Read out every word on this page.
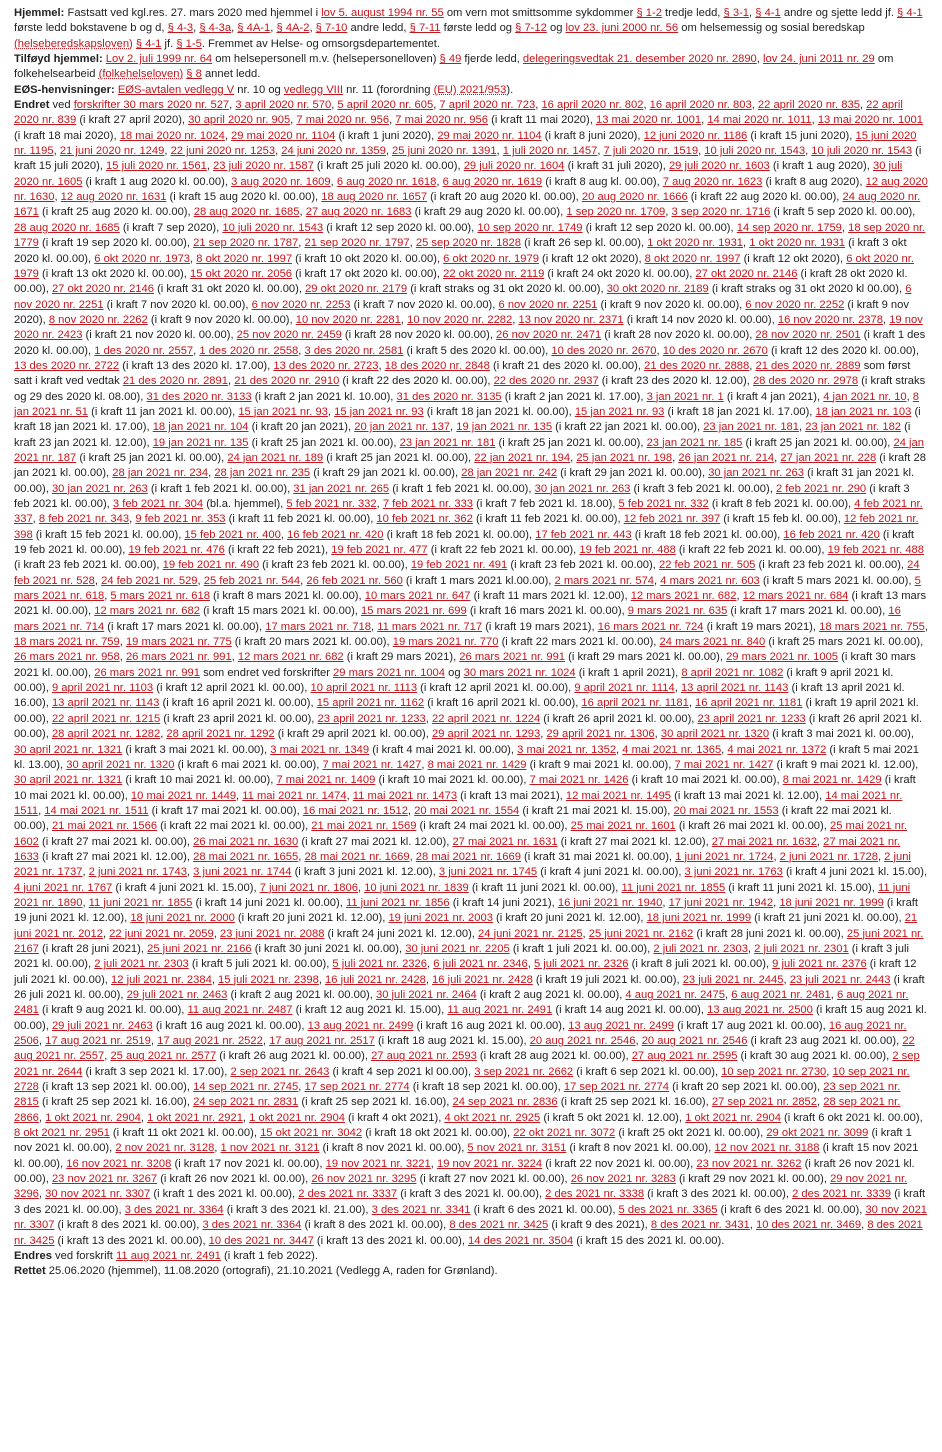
Hjemmel: Fastsatt ved kgl.res. 27. mars 2020 med hjemmel i lov 5. august 1994 nr. 55 om vern mot smittsomme sykdommer § 1-2 tredje ledd, § 3-1, § 4-1 andre og sjette ledd jf. § 4-1 første ledd bokstavene b og d, § 4-3, § 4-3a, § 4A-1, § 4A-2, § 7-10 andre ledd, § 7-11 første ledd og § 7-12 og lov 23. juni 2000 nr. 56 om helsemessig og sosial beredskap (helseberedskapsloven) § 4-1 jf. § 1-5. Fremmet av Helse- og omsorgsdepartementet.
Tilføyd hjemmel: Lov 2. juli 1999 nr. 64 om helsepersonell m.v. (helsepersonelloven) § 49 fjerde ledd, delegeringsvedtak 21. desember 2020 nr. 2890, lov 24. juni 2011 nr. 29 om folkehelsearbeid (folkehelseloven) § 8 annet ledd.
EØS-henvisninger: EØS-avtalen vedlegg V nr. 10 og vedlegg VIII nr. 11 (forordning (EU) 2021/953).
Endret ved forskrifter 30 mars 2020 nr. 527, 3 april 2020 nr. 570, 5 april 2020 nr. 605, 7 april 2020 nr. 723, 16 april 2020 nr. 802, 16 april 2020 nr. 803, 22 april 2020 nr. 835, 22 april 2020 nr. 839 (i kraft 27 april 2020), 30 april 2020 nr. 905, 7 mai 2020 nr. 956, 7 mai 2020 nr. 956 (i kraft 11 mai 2020), 13 mai 2020 nr. 1001, 14 mai 2020 nr. 1011, 13 mai 2020 nr. 1001 (i kraft 18 mai 2020), 18 mai 2020 nr. 1024, 29 mai 2020 nr. 1104 (i kraft 1 juni 2020), 29 mai 2020 nr. 1104 (i kraft 8 juni 2020), 12 juni 2020 nr. 1186 (i kraft 15 juni 2020), 15 juni 2020 nr. 1195, 21 juni 2020 nr. 1249, 22 juni 2020 nr. 1253, 24 juni 2020 nr. 1359, 25 juni 2020 nr. 1391, 1 juli 2020 nr. 1457, 7 juli 2020 nr. 1519, 10 juli 2020 nr. 1543, 10 juli 2020 nr. 1543 (i kraft 15 juli 2020), 15 juli 2020 nr. 1561, 23 juli 2020 nr. 1587 (i kraft 25 juli 2020 kl. 00.00), 29 juli 2020 nr. 1604 (i kraft 31 juli 2020), 29 juli 2020 nr. 1603 (i kraft 1 aug 2020), 30 juli 2020 nr. 1605 (i kraft 1 aug 2020 kl. 00.00), 3 aug 2020 nr. 1609, 6 aug 2020 nr. 1618, 6 aug 2020 nr. 1619 (i kraft 8 aug kl. 00.00), 7 aug 2020 nr. 1623 (i kraft 8 aug 2020), 12 aug 2020 nr. 1630, 12 aug 2020 nr. 1631 (i kraft 15 aug 2020 kl. 00.00), 18 aug 2020 nr. 1657 (i kraft 20 aug 2020 kl. 00.00), 20 aug 2020 nr. 1666 (i kraft 22 aug 2020 kl. 00.00), 24 aug 2020 nr. 1671 (i kraft 25 aug 2020 kl. 00.00), 28 aug 2020 nr. 1685, 27 aug 2020 nr. 1683 (i kraft 29 aug 2020 kl. 00.00), 1 sep 2020 nr. 1709, 3 sep 2020 nr. 1716 (i kraft 5 sep 2020 kl. 00.00), 28 aug 2020 nr. 1685 (i kraft 7 sep 2020), 10 juli 2020 nr. 1543 (i kraft 12 sep 2020 kl. 00.00), 10 sep 2020 nr. 1749 (i kraft 12 sep 2020 kl. 00.00), 14 sep 2020 nr. 1759, 18 sep 2020 nr. 1779 (i kraft 19 sep 2020 kl. 00.00), 21 sep 2020 nr. 1787, 21 sep 2020 nr. 1797, 25 sep 2020 nr. 1828 (i kraft 26 sep kl. 00.00), 1 okt 2020 nr. 1931, 1 okt 2020 nr. 1931 (i kraft 3 okt 2020 kl. 00.00), 6 okt 2020 nr. 1973, 8 okt 2020 nr. 1997 (i kraft 10 okt 2020 kl. 00.00), 6 okt 2020 nr. 1979 (i kraft 12 okt 2020), 8 okt 2020 nr. 1997 (i kraft 12 okt 2020), 6 okt 2020 nr. 1979 (i kraft 13 okt 2020 kl. 00.00), 15 okt 2020 nr. 2056 (i kraft 17 okt 2020 kl. 00.00), 22 okt 2020 nr. 2119 (i kraft 24 okt 2020 kl. 00.00), 27 okt 2020 nr. 2146 (i kraft 28 okt 2020 kl. 00.00), 27 okt 2020 nr. 2146 (i kraft 31 okt 2020 kl. 00.00), 29 okt 2020 nr. 2179 (i kraft straks og 31 okt 2020 kl. 00.00), 30 okt 2020 nr. 2189 (i kraft straks og 31 okt 2020 kl 00.00), 6 nov 2020 nr. 2251 (i kraft 7 nov 2020 kl. 00.00), 6 nov 2020 nr. 2253 (i kraft 7 nov 2020 kl. 00.00), 6 nov 2020 nr. 2251 (i kraft 9 nov 2020 kl. 00.00), 6 nov 2020 nr. 2252 (i kraft 9 nov 2020), 8 nov 2020 nr. 2262 (i kraft 9 nov 2020 kl. 00.00), 10 nov 2020 nr. 2281, 10 nov 2020 nr. 2282, 13 nov 2020 nr. 2371 (i kraft 14 nov 2020 kl. 00.00), 16 nov 2020 nr. 2378, 19 nov 2020 nr. 2423 (i kraft 21 nov 2020 kl. 00.00), 25 nov 2020 nr. 2459 (i kraft 28 nov 2020 kl. 00.00), 26 nov 2020 nr. 2471 (i kraft 28 nov 2020 kl. 00.00), 28 nov 2020 nr. 2501 (i kraft 1 des 2020 kl. 00.00), 1 des 2020 nr. 2557, 1 des 2020 nr. 2558, 3 des 2020 nr. 2581 (i kraft 5 des 2020 kl. 00.00), 10 des 2020 nr. 2670, 10 des 2020 nr. 2670 (i kraft 12 des 2020 kl. 00.00), 13 des 2020 nr. 2722 (i kraft 13 des 2020 kl. 17.00), 13 des 2020 nr. 2723, 18 des 2020 nr. 2848 (i kraft 21 des 2020 kl. 00.00), 21 des 2020 nr. 2888, 21 des 2020 nr. 2889 som først satt i kraft ved vedtak 21 des 2020 nr. 2891, 21 des 2020 nr. 2910 (i kraft 22 des 2020 kl. 00.00), 22 des 2020 nr. 2937 (i kraft 23 des 2020 kl. 12.00), 28 des 2020 nr. 2978 (i kraft straks og 29 des 2020 kl. 08.00), 31 des 2020 nr. 3133 (i kraft 2 jan 2021 kl. 10.00), 31 des 2020 nr. 3135 (i kraft 2 jan 2021 kl. 17.00), 3 jan 2021 nr. 1 (i kraft 4 jan 2021), 4 jan 2021 nr. 10, 8 jan 2021 nr. 51 (i kraft 11 jan 2021 kl. 00.00), 15 jan 2021 nr. 93, 15 jan 2021 nr. 93 (i kraft 18 jan 2021 kl. 00.00), 15 jan 2021 nr. 93 (i kraft 18 jan 2021 kl. 17.00), 18 jan 2021 nr. 103 (i kraft 18 jan 2021 kl. 17.00), 18 jan 2021 nr. 104 (i kraft 20 jan 2021), 20 jan 2021 nr. 137, 19 jan 2021 nr. 135 (i kraft 22 jan 2021 kl. 00.00), 23 jan 2021 nr. 181, 23 jan 2021 nr. 182 (i kraft 23 jan 2021 kl. 12.00), 19 jan 2021 nr. 135 (i kraft 25 jan 2021 kl. 00.00), 23 jan 2021 nr. 181 (i kraft 25 jan 2021 kl. 00.00), 23 jan 2021 nr. 185 (i kraft 25 jan 2021 kl. 00.00), 24 jan 2021 nr. 187 (i kraft 25 jan 2021 kl. 00.00), 24 jan 2021 nr. 189 (i kraft 25 jan 2021 kl. 00.00), 22 jan 2021 nr. 194, 25 jan 2021 nr. 198, 26 jan 2021 nr. 214, 27 jan 2021 nr. 228 (i kraft 28 jan 2021 kl. 00.00), 28 jan 2021 nr. 234, 28 jan 2021 nr. 235 (i kraft 29 jan 2021 kl. 00.00), 28 jan 2021 nr. 242 (i kraft 29 jan 2021 kl. 00.00), 30 jan 2021 nr. 263 (i kraft 31 jan 2021 kl. 00.00), 30 jan 2021 nr. 263 (i kraft 1 feb 2021 kl. 00.00), 31 jan 2021 nr. 265 (i kraft 1 feb 2021 kl. 00.00), 30 jan 2021 nr. 263 (i kraft 3 feb 2021 kl. 00.00), 2 feb 2021 nr. 290 (i kraft 3 feb 2021 kl. 00.00), 3 feb 2021 nr. 304 (bl.a. hjemmel), 5 feb 2021 nr. 332, 7 feb 2021 nr. 333 (i kraft 7 feb 2021 kl. 18.00), 5 feb 2021 nr. 332 (i kraft 8 feb 2021 kl. 00.00), 4 feb 2021 nr. 337, 8 feb 2021 nr. 343, 9 feb 2021 nr. 353 (i kraft 11 feb 2021 kl. 00.00), 10 feb 2021 nr. 362 (i kraft 11 feb 2021 kl. 00.00), 12 feb 2021 nr. 397 (i kraft 15 feb kl. 00.00), 12 feb 2021 nr. 398 (i kraft 15 feb 2021 kl. 00.00), 15 feb 2021 nr. 400, 16 feb 2021 nr. 420 (i kraft 18 feb 2021 kl. 00.00), 17 feb 2021 nr. 443 (i kraft 18 feb 2021 kl. 00.00), 16 feb 2021 nr. 420 (i kraft 19 feb 2021 kl. 00.00), 19 feb 2021 nr. 476 (i kraft 22 feb 2021), 19 feb 2021 nr. 477 (i kraft 22 feb 2021 kl. 00.00), 19 feb 2021 nr. 488 (i kraft 22 feb 2021 kl. 00.00), 19 feb 2021 nr. 488 (i kraft 23 feb 2021 kl. 00.00), 19 feb 2021 nr. 490 (i kraft 23 feb 2021 kl. 00.00), 19 feb 2021 nr. 491 (i kraft 23 feb 2021 kl. 00.00), 22 feb 2021 nr. 505 (i kraft 23 feb 2021 kl. 00.00), 24 feb 2021 nr. 528, 24 feb 2021 nr. 529, 25 feb 2021 nr. 544, 26 feb 2021 nr. 560 (i kraft 1 mars 2021 kl.00.00), 2 mars 2021 nr. 574, 4 mars 2021 nr. 603 (i kraft 5 mars 2021 kl. 00.00), 5 mars 2021 nr. 618, 5 mars 2021 nr. 618 (i kraft 8 mars 2021 kl. 00.00), 10 mars 2021 nr. 647 (i kraft 11 mars 2021 kl. 12.00), 12 mars 2021 nr. 682, 12 mars 2021 nr. 684 (i kraft 13 mars 2021 kl. 00.00), 12 mars 2021 nr. 682 (i kraft 15 mars 2021 kl. 00.00), 15 mars 2021 nr. 699 (i kraft 16 mars 2021 kl. 00.00), 9 mars 2021 nr. 635 (i kraft 17 mars 2021 kl. 00.00), 16 mars 2021 nr. 714 (i kraft 17 mars 2021 kl. 00.00), 17 mars 2021 nr. 718, 11 mars 2021 nr. 717 (i kraft 19 mars 2021), 16 mars 2021 nr. 724 (i kraft 19 mars 2021), 18 mars 2021 nr. 755, 18 mars 2021 nr. 759, 19 mars 2021 nr. 775 (i kraft 20 mars 2021 kl. 00.00), 19 mars 2021 nr. 770 (i kraft 22 mars 2021 kl. 00.00), 24 mars 2021 nr. 840 (i kraft 25 mars 2021 kl. 00.00), 26 mars 2021 nr. 958, 26 mars 2021 nr. 991, 12 mars 2021 nr. 682 (i kraft 29 mars 2021), 26 mars 2021 nr. 991 (i kraft 29 mars 2021 kl. 00.00), 29 mars 2021 nr. 1005 (i kraft 30 mars 2021 kl. 00.00), 26 mars 2021 nr. 991 som endret ved forskrifter 29 mars 2021 nr. 1004 og 30 mars 2021 nr. 1024 (i kraft 1 april 2021), 8 april 2021 nr. 1082 (i kraft 9 april 2021 kl. 00.00), 9 april 2021 nr. 1103 (i kraft 12 april 2021 kl. 00.00), 10 april 2021 nr. 1113 (i kraft 12 april 2021 kl. 00.00), 9 april 2021 nr. 1114, 13 april 2021 nr. 1143 (i kraft 13 april 2021 kl. 16.00), 13 april 2021 nr. 1143 (i kraft 16 april 2021 kl. 00.00), 15 april 2021 nr. 1162 (i kraft 16 april 2021 kl. 00.00), 16 april 2021 nr. 1181, 16 april 2021 nr. 1181 (i kraft 19 april 2021 kl. 00.00), 22 april 2021 nr. 1215 (i kraft 23 april 2021 kl. 00.00), 23 april 2021 nr. 1233, 22 april 2021 nr. 1224 (i kraft 26 april 2021 kl. 00.00), 23 april 2021 nr. 1233 (i kraft 26 april 2021 kl. 00.00), 28 april 2021 nr. 1282, 28 april 2021 nr. 1292 (i kraft 29 april 2021 kl. 00.00), 29 april 2021 nr. 1293, 29 april 2021 nr. 1306, 30 april 2021 nr. 1320 (i kraft 3 mai 2021 kl. 00.00), 30 april 2021 nr. 1321 (i kraft 3 mai 2021 kl. 00.00), 3 mai 2021 nr. 1349 (i kraft 4 mai 2021 kl. 00.00), 3 mai 2021 nr. 1352, 4 mai 2021 nr. 1365, 4 mai 2021 nr. 1372 (i kraft 5 mai 2021 kl. 13.00), 30 april 2021 nr. 1320 (i kraft 6 mai 2021 kl. 00.00), 7 mai 2021 nr. 1427, 8 mai 2021 nr. 1429 (i kraft 9 mai 2021 kl. 00.00), 7 mai 2021 nr. 1427 (i kraft 9 mai 2021 kl. 12.00), 30 april 2021 nr. 1321 (i kraft 10 mai 2021 kl. 00.00), 7 mai 2021 nr. 1409 (i kraft 10 mai 2021 kl. 00.00), 7 mai 2021 nr. 1426 (i kraft 10 mai 2021 kl. 00.00), 8 mai 2021 nr. 1429 (i kraft 10 mai 2021 kl. 00.00), 10 mai 2021 nr. 1449, 11 mai 2021 nr. 1474, 11 mai 2021 nr. 1473 (i kraft 13 mai 2021), 12 mai 2021 nr. 1495 (i kraft 13 mai 2021 kl. 12.00), 14 mai 2021 nr. 1511, 14 mai 2021 nr. 1511 (i kraft 17 mai 2021 kl. 00.00), 16 mai 2021 nr. 1512, 20 mai 2021 nr. 1554 (i kraft 21 mai 2021 kl. 15.00), 20 mai 2021 nr. 1553 (i kraft 22 mai 2021 kl. 00.00), 21 mai 2021 nr. 1566 (i kraft 22 mai 2021 kl. 00.00), 21 mai 2021 nr. 1569 (i kraft 24 mai 2021 kl. 00.00), 25 mai 2021 nr. 1601 (i kraft 26 mai 2021 kl. 00.00), 25 mai 2021 nr. 1602 (i kraft 27 mai 2021 kl. 00.00), 26 mai 2021 nr. 1630 (i kraft 27 mai 2021 kl. 12.00), 27 mai 2021 nr. 1631 (i kraft 27 mai 2021 kl. 12.00), 27 mai 2021 nr. 1632, 27 mai 2021 nr. 1633 (i kraft 27 mai 2021 kl. 12.00), 28 mai 2021 nr. 1655, 28 mai 2021 nr. 1669, 28 mai 2021 nr. 1669 (i kraft 31 mai 2021 kl. 00.00), 1 juni 2021 nr. 1724, 2 juni 2021 nr. 1728, 2 juni 2021 nr. 1737, 2 juni 2021 nr. 1743, 3 juni 2021 nr. 1744 (i kraft 3 juni 2021 kl. 12.00), 3 juni 2021 nr. 1745 (i kraft 4 juni 2021 kl. 00.00), 3 juni 2021 nr. 1763 (i kraft 4 juni 2021 kl. 15.00), 4 juni 2021 nr. 1767 (i kraft 4 juni 2021 kl. 15.00), 7 juni 2021 nr. 1806, 10 juni 2021 nr. 1839 (i kraft 11 juni 2021 kl. 00.00), 11 juni 2021 nr. 1855 (i kraft 11 juni 2021 kl. 15.00), 11 juni 2021 nr. 1890, 11 juni 2021 nr. 1855 (i kraft 14 juni 2021 kl. 00.00), 11 juni 2021 nr. 1856 (i kraft 14 juni 2021), 16 juni 2021 nr. 1940, 17 juni 2021 nr. 1942, 18 juni 2021 nr. 1999 (i kraft 19 juni 2021 kl. 12.00), 18 juni 2021 nr. 2000 (i kraft 20 juni 2021 kl. 12.00), 19 juni 2021 nr. 2003 (i kraft 20 juni 2021 kl. 12.00), 18 juni 2021 nr. 1999 (i kraft 21 juni 2021 kl. 00.00), 21 juni 2021 nr. 2012, 22 juni 2021 nr. 2059, 23 juni 2021 nr. 2088 (i kraft 24 juni 2021 kl. 12.00), 24 juni 2021 nr. 2125, 25 juni 2021 nr. 2162 (i kraft 28 juni 2021 kl. 00.00), 25 juni 2021 nr. 2167 (i kraft 28 juni 2021), 25 juni 2021 nr. 2166 (i kraft 30 juni 2021 kl. 00.00), 30 juni 2021 nr. 2205 (i kraft 1 juli 2021 kl. 00.00), 2 juli 2021 nr. 2303, 2 juli 2021 nr. 2301 (i kraft 3 juli 2021 kl. 00.00), 2 juli 2021 nr. 2303 (i kraft 5 juli 2021 kl. 00.00), 5 juli 2021 nr. 2326, 6 juli 2021 nr. 2346, 5 juli 2021 nr. 2326 (i kraft 8 juli 2021 kl. 00.00), 9 juli 2021 nr. 2376 (i kraft 12 juli 2021 kl. 00.00), 12 juli 2021 nr. 2384, 15 juli 2021 nr. 2398, 16 juli 2021 nr. 2428, 16 juli 2021 nr. 2428 (i kraft 19 juli 2021 kl. 00.00), 23 juli 2021 nr. 2445, 23 juli 2021 nr. 2443 (i kraft 26 juli 2021 kl. 00.00), 29 juli 2021 nr. 2463 (i kraft 2 aug 2021 kl. 00.00), 30 juli 2021 nr. 2464 (i kraft 2 aug 2021 kl. 00.00), 4 aug 2021 nr. 2475, 6 aug 2021 nr. 2481, 6 aug 2021 nr. 2481 (i kraft 9 aug 2021 kl. 00.00), 11 aug 2021 nr. 2487 (i kraft 12 aug 2021 kl. 15.00), 11 aug 2021 nr. 2491 (i kraft 14 aug 2021 kl. 00.00), 13 aug 2021 nr. 2500 (i kraft 15 aug 2021 kl. 00.00), 29 juli 2021 nr. 2463 (i kraft 16 aug 2021 kl. 00.00), 13 aug 2021 nr. 2499 (i kraft 16 aug 2021 kl. 00.00), 13 aug 2021 nr. 2499 (i kraft 17 aug 2021 kl. 00.00), 16 aug 2021 nr. 2506, 17 aug 2021 nr. 2519, 17 aug 2021 nr. 2522, 17 aug 2021 nr. 2517 (i kraft 18 aug 2021 kl. 15.00), 20 aug 2021 nr. 2546, 20 aug 2021 nr. 2546 (i kraft 23 aug 2021 kl. 00.00), 22 aug 2021 nr. 2557, 25 aug 2021 nr. 2577 (i kraft 26 aug 2021 kl. 00.00), 27 aug 2021 nr. 2593 (i kraft 28 aug 2021 kl. 00.00), 27 aug 2021 nr. 2595 (i kraft 30 aug 2021 kl. 00.00), 2 sep 2021 nr. 2644 (i kraft 3 sep 2021 kl. 17.00), 2 sep 2021 nr. 2643 (i kraft 4 sep 2021 kl 00.00), 3 sep 2021 nr. 2662 (i kraft 6 sep 2021 kl. 00.00), 10 sep 2021 nr. 2730, 10 sep 2021 nr. 2728 (i kraft 13 sep 2021 kl. 00.00), 14 sep 2021 nr. 2745, 17 sep 2021 nr. 2774 (i kraft 18 sep 2021 kl. 00.00), 17 sep 2021 nr. 2774 (i kraft 20 sep 2021 kl. 00.00), 23 sep 2021 nr. 2815 (i kraft 25 sep 2021 kl. 16.00), 24 sep 2021 nr. 2831 (i kraft 25 sep 2021 kl. 16.00), 24 sep 2021 nr. 2836 (i kraft 25 sep 2021 kl. 16.00), 27 sep 2021 nr. 2852, 28 sep 2021 nr. 2866, 1 okt 2021 nr. 2904, 1 okt 2021 nr. 2921, 1 okt 2021 nr. 2904 (i kraft 4 okt 2021), 4 okt 2021 nr. 2925 (i kraft 5 okt 2021 kl. 12.00), 1 okt 2021 nr. 2904 (i kraft 6 okt 2021 kl. 00.00), 8 okt 2021 nr. 2951 (i kraft 11 okt 2021 kl. 00.00), 15 okt 2021 nr. 3042 (i kraft 18 okt 2021 kl. 00.00), 22 okt 2021 nr. 3072 (i kraft 25 okt 2021 kl. 00.00), 29 okt 2021 nr. 3099 (i kraft 1 nov 2021 kl. 00.00), 2 nov 2021 nr. 3128, 1 nov 2021 nr. 3121 (i kraft 8 nov 2021 kl. 00.00), 5 nov 2021 nr. 3151 (i kraft 8 nov 2021 kl. 00.00), 12 nov 2021 nr. 3188 (i kraft 15 nov 2021 kl. 00.00), 16 nov 2021 nr. 3208 (i kraft 17 nov 2021 kl. 00.00), 19 nov 2021 nr. 3221, 19 nov 2021 nr. 3224 (i kraft 22 nov 2021 kl. 00.00), 23 nov 2021 nr. 3262 (i kraft 26 nov 2021 kl. 00.00), 23 nov 2021 nr. 3267 (i kraft 26 nov 2021 kl. 00.00), 26 nov 2021 nr. 3295 (i kraft 27 nov 2021 kl. 00.00), 26 nov 2021 nr. 3283 (i kraft 29 nov 2021 kl. 00.00), 29 nov 2021 nr. 3296, 30 nov 2021 nr. 3307 (i kraft 1 des 2021 kl. 00.00), 2 des 2021 nr. 3337 (i kraft 3 des 2021 kl. 00.00), 2 des 2021 nr. 3338 (i kraft 3 des 2021 kl. 00.00), 2 des 2021 nr. 3339 (i kraft 3 des 2021 kl. 00.00), 3 des 2021 nr. 3364 (i kraft 3 des 2021 kl. 21.00), 3 des 2021 nr. 3341 (i kraft 6 des 2021 kl. 00.00), 5 des 2021 nr. 3365 (i kraft 6 des 2021 kl. 00.00), 30 nov 2021 nr. 3307 (i kraft 8 des 2021 kl. 00.00), 3 des 2021 nr. 3364 (i kraft 8 des 2021 kl. 00.00), 8 des 2021 nr. 3425 (i kraft 9 des 2021), 8 des 2021 nr. 3431, 10 des 2021 nr. 3469, 8 des 2021 nr. 3425 (i kraft 13 des 2021 kl. 00.00), 10 des 2021 nr. 3447 (i kraft 13 des 2021 kl. 00.00), 14 des 2021 nr. 3504 (i kraft 15 des 2021 kl. 00.00).
Endres ved forskrift 11 aug 2021 nr. 2491 (i kraft 1 feb 2022).
Rettet 25.06.2020 (hjemmel), 11.08.2020 (ortografi), 21.10.2021 (Vedlegg A, raden for Grønland).
